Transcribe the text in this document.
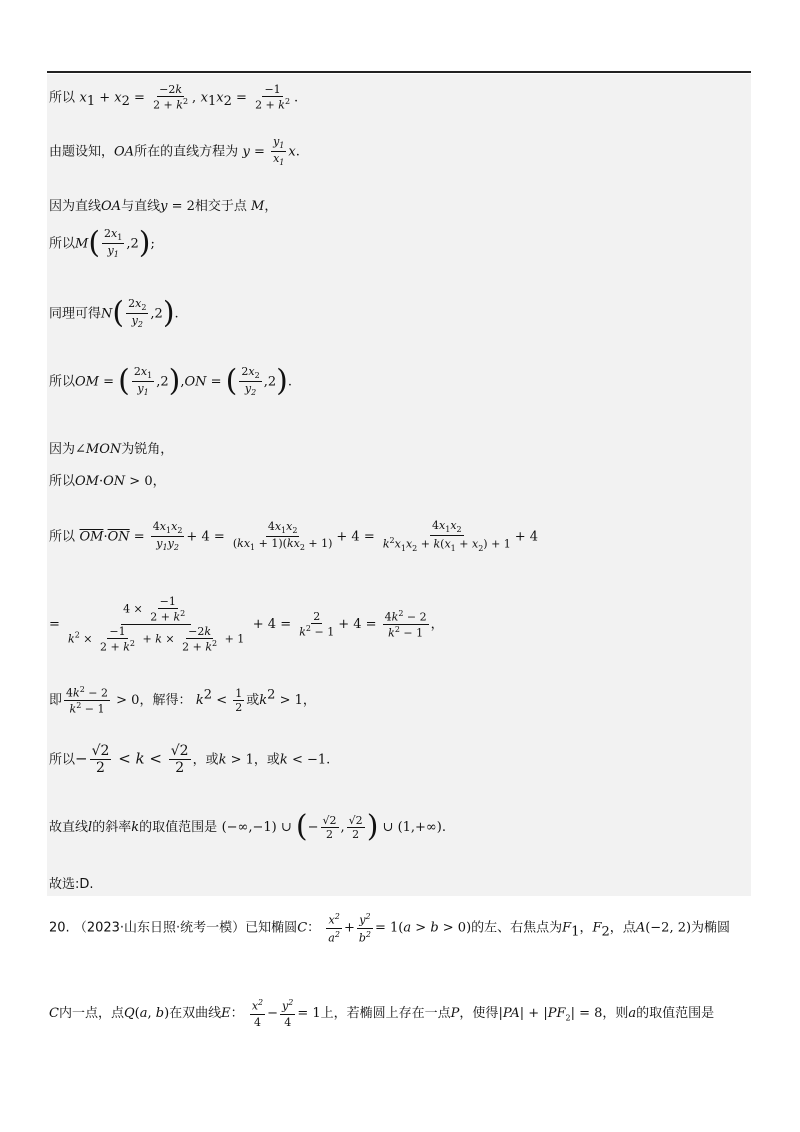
所以 $x_1 + x_2 = \frac{-2k}{2 + k^2}$ , $x_1x_2 = \frac{-1}{2 + k^2}$ .
由题设知，OA所在的直线方程为 $y = \frac{y_1}{x_1} x$.
因为直线OA与直线y = 2相交于点 M，
所以$M( \frac{2x_1}{y_1} ,2)$;
同理可得$N( \frac{2x_2}{y_2} ,2)$.
所以OM = ( $\frac{2x_1}{y_1} ,2),ON$ = ( $\frac{2x_2}{y_2} ,2$).
因为∠MON为锐角，
所以OM·ON > 0，
所以 $\overline{OM}\cdot\overline{ON} = \frac{4x_1x_2}{y_1y_2} + 4 = \frac{4x_1x_2}{(kx_1 + 1)(kx_2 + 1)} + 4 = \frac{4x_1x_2}{k^2x_1x_2 + k(x_1 + x_2) + 1} + 4$
= $\frac{4 \times \frac{-1}{2 + k^2}}{k^2 \times \frac{-1}{2 + k^2} + k \times \frac{-2k}{2 + k^2} + 1} + 4 = \frac{2}{k^2 - 1} + 4 = \frac{4k^2 - 2}{k^2 - 1}$ ，
即 $\frac{4k^2 - 2}{k^2 - 1} > 0$，解得： $k^2 < \frac{1}{2}$ 或$k^2 > 1$，
所以− $\frac{√2}{2} < k < \frac{√2}{2}$ ，或k > 1，或k < −1.
故直线l的斜率k的取值范围是 (−∞,−1) ∪ (− $\frac{√2}{2}$ , $\frac{√2}{2}$ ) ∪ (1,+∞).
故选:D.
20. （2023·山东日照·统考一模）已知椭圆C： $\frac{x^2}{a^2} + \frac{y^2}{b^2} = 1(a > b > 0)$的左、右焦点为$F_1$，$F_2$，点A(−2, 2)为椭圆
C内一点，点Q(a, b)在双曲线E： $\frac{x^2}{4} - \frac{y^2}{4} = 1$上，若椭圆上存在一点P，使得$|PA| + |PF_2| = 8$，则a的取值范围是
